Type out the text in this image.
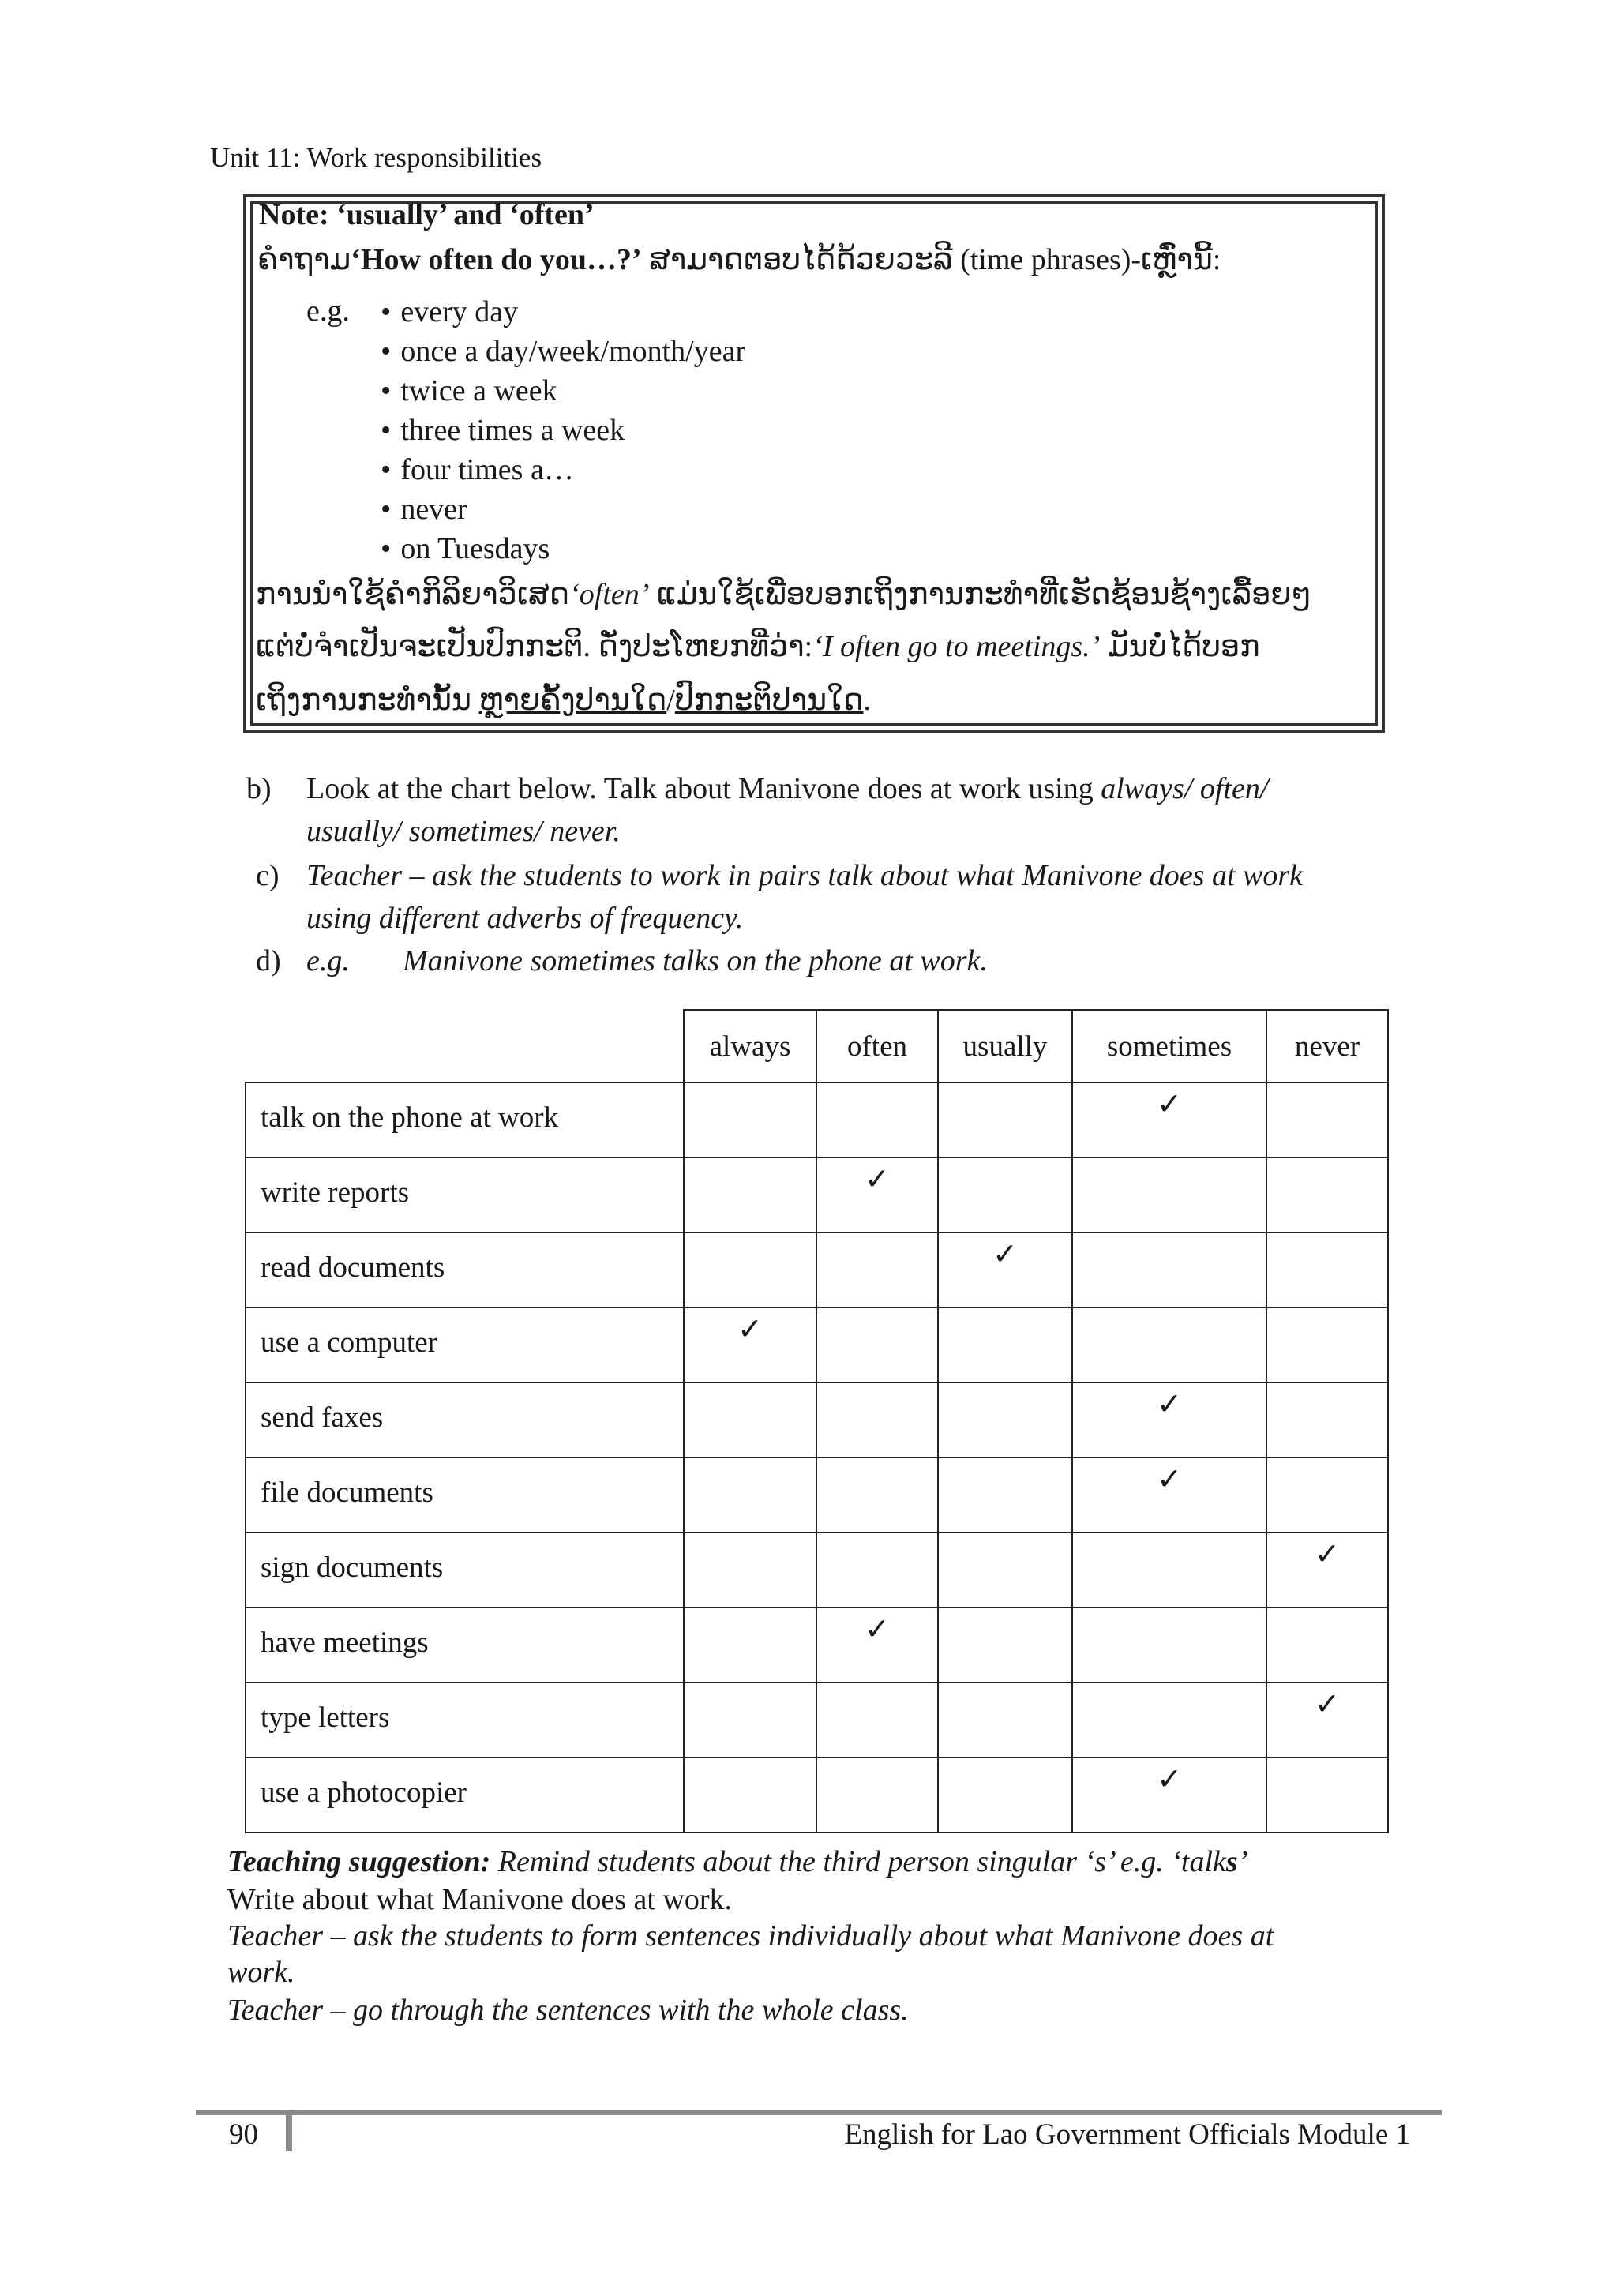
Unit 11: Work responsibilities
Note: ‘usually’ and ‘often’
ຄຳຖາມ‘How often do you…?’ ສາມາດຕອບໄດ້ດ້ວຍວະລີ (time phrases)-ເຫຼົ່ານີ້:
e.g.	• every day
• once a day/week/month/year
• twice a week
• three times a week
• four times a…
• never
• on Tuesdays
ການນຳໃຊ້ຄຳກິລິຍາວິເສດ‘often’ ແມ່ນໃຊ້ເພື່ອບອກເຖິງການກະທຳທີ່ເຮັດຊ້ອນຊ້າງເລື້ອຍໆ
ແຕ່ບໍ່ຈຳເປັນຈະເປັນປົກກະຕິ. ດັ່ງປະໂຫຍກທີ່ວ່າ:‘I often go to meetings.’ ມັນບໍ່ໄດ້ບອກ
ເຖິງການກະທຳນັ້ນ ຫຼາຍຄັ້ງປານໃດ/ປົກກະຕິປານໃດ.
b) Look at the chart below. Talk about Manivone does at work using always/ often/
usually/ sometimes/ never.
c) Teacher – ask the students to work in pairs talk about what Manivone does at work
using different adverbs of frequency.
d) e.g. Manivone sometimes talks on the phone at work.
	always	often	usually	sometimes	never
talk on the phone at work				✓	

write reports		✓			

read documents			✓		

use a computer	✓				

send faxes				✓	

file documents				✓	

sign documents					✓

have meetings		✓			

type letters					✓

use a photocopier				✓	

Teaching suggestion: Remind students about the third person singular ‘s’ e.g. ‘talks’
Write about what Manivone does at work.
Teacher – ask the students to form sentences individually about what Manivone does at
work.
Teacher – go through the sentences with the whole class.
90	English for Lao Government Officials Module 1
